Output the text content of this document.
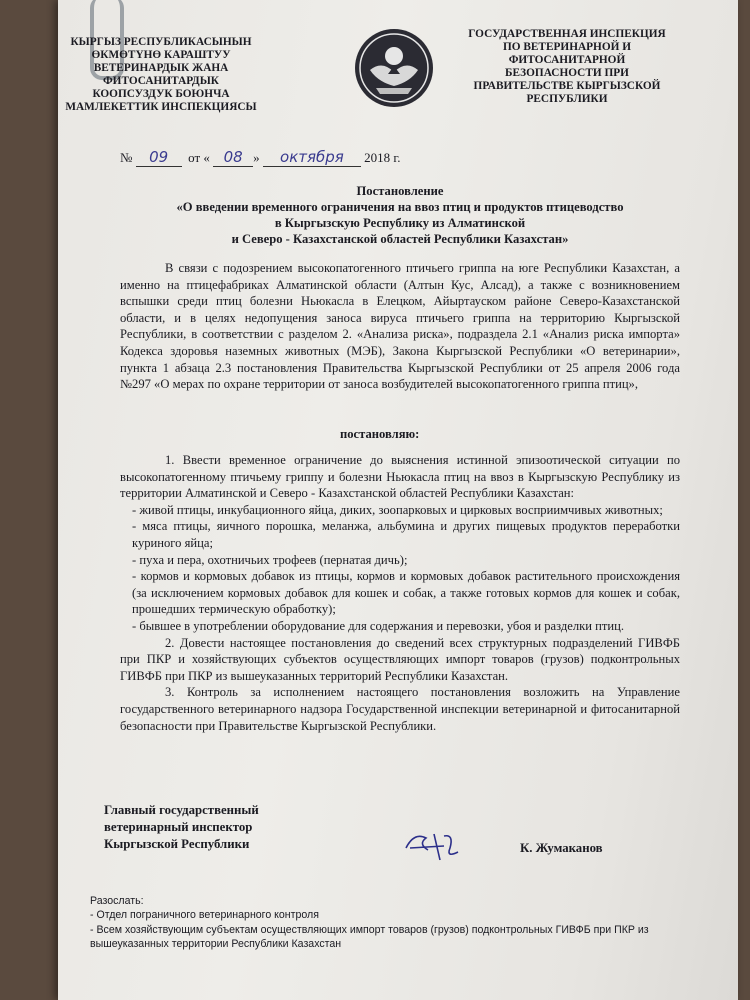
КЫРГЫЗ РЕСПУБЛИКАСЫНЫН
ӨКМӨТҮНӨ КАРАШТУУ
ВЕТЕРИНАРДЫК ЖАНА
ФИТОСАНИТАРДЫК
КООПСУЗДУК БОЮНЧА
МАМЛЕКЕТТИК ИНСПЕКЦИЯСЫ
ГОСУДАРСТВЕННАЯ ИНСПЕКЦИЯ
ПО ВЕТЕРИНАРНОЙ И
ФИТОСАНИТАРНОЙ
БЕЗОПАСНОСТИ ПРИ
ПРАВИТЕЛЬСТВЕ КЫРГЫЗСКОЙ
РЕСПУБЛИКИ
№ 09 от « 08 » октября 2018 г.
Постановление
«О введении временного ограничения на ввоз птиц и продуктов птицеводство
в Кыргызскую Республику из Алматинской
и Северо - Казахстанской областей Республики Казахстан»
В связи с подозрением высокопатогенного птичьего гриппа на юге Республики Казахстан, а именно на птицефабриках Алматинской области (Алтын Кус, Алсад), а также с возникновением вспышки среди птиц болезни Ньюкасла в Елецком, Айыртауском районе Северо-Казахстанской области, и в целях недопущения заноса вируса птичьего гриппа на территорию Кыргызской Республики, в соответствии с разделом 2. «Анализа риска», подраздела 2.1 «Анализ риска импорта» Кодекса здоровья наземных животных (МЭБ), Закона Кыргызской Республики «О ветеринарии», пункта 1 абзаца 2.3 постановления Правительства Кыргызской Республики от 25 апреля 2006 года №297 «О мерах по охране территории от заноса возбудителей высокопатогенного гриппа птиц»,
постановляю:
1. Ввести временное ограничение до выяснения истинной эпизоотической ситуации по высокопатогенному птичьему гриппу и болезни Ньюкасла птиц на ввоз в Кыргызскую Республику из территории Алматинской и Северо - Казахстанской областей Республики Казахстан:
- живой птицы, инкубационного яйца, диких, зоопарковых и цирковых восприимчивых животных;
- мяса птицы, яичного порошка, меланжа, альбумина и других пищевых продуктов переработки куриного яйца;
- пуха и пера, охотничьих трофеев (пернатая дичь);
- кормов и кормовых добавок из птицы, кормов и кормовых добавок растительного происхождения (за исключением кормовых добавок для кошек и собак, а также готовых кормов для кошек и собак, прошедших термическую обработку);
- бывшее в употреблении оборудование для содержания и перевозки, убоя и разделки птиц.
2. Довести настоящее постановления до сведений всех структурных подразделений ГИВФБ при ПКР и хозяйствующих субъектов осуществляющих импорт товаров (грузов) подконтрольных ГИВФБ при ПКР из вышеуказанных территорий Республики Казахстан.
3. Контроль за исполнением настоящего постановления возложить на Управление государственного ветеринарного надзора Государственной инспекции ветеринарной и фитосанитарной безопасности при Правительстве Кыргызской Республики.
Главный государственный
ветеринарный инспектор
Кыргызской Республики	К. Жумаканов
Разослать:
- Отдел пограничного ветеринарного контроля
- Всем хозяйствующим субъектам осуществляющих импорт товаров (грузов) подконтрольных ГИВФБ при ПКР из вышеуказанных территории Республики Казахстан
